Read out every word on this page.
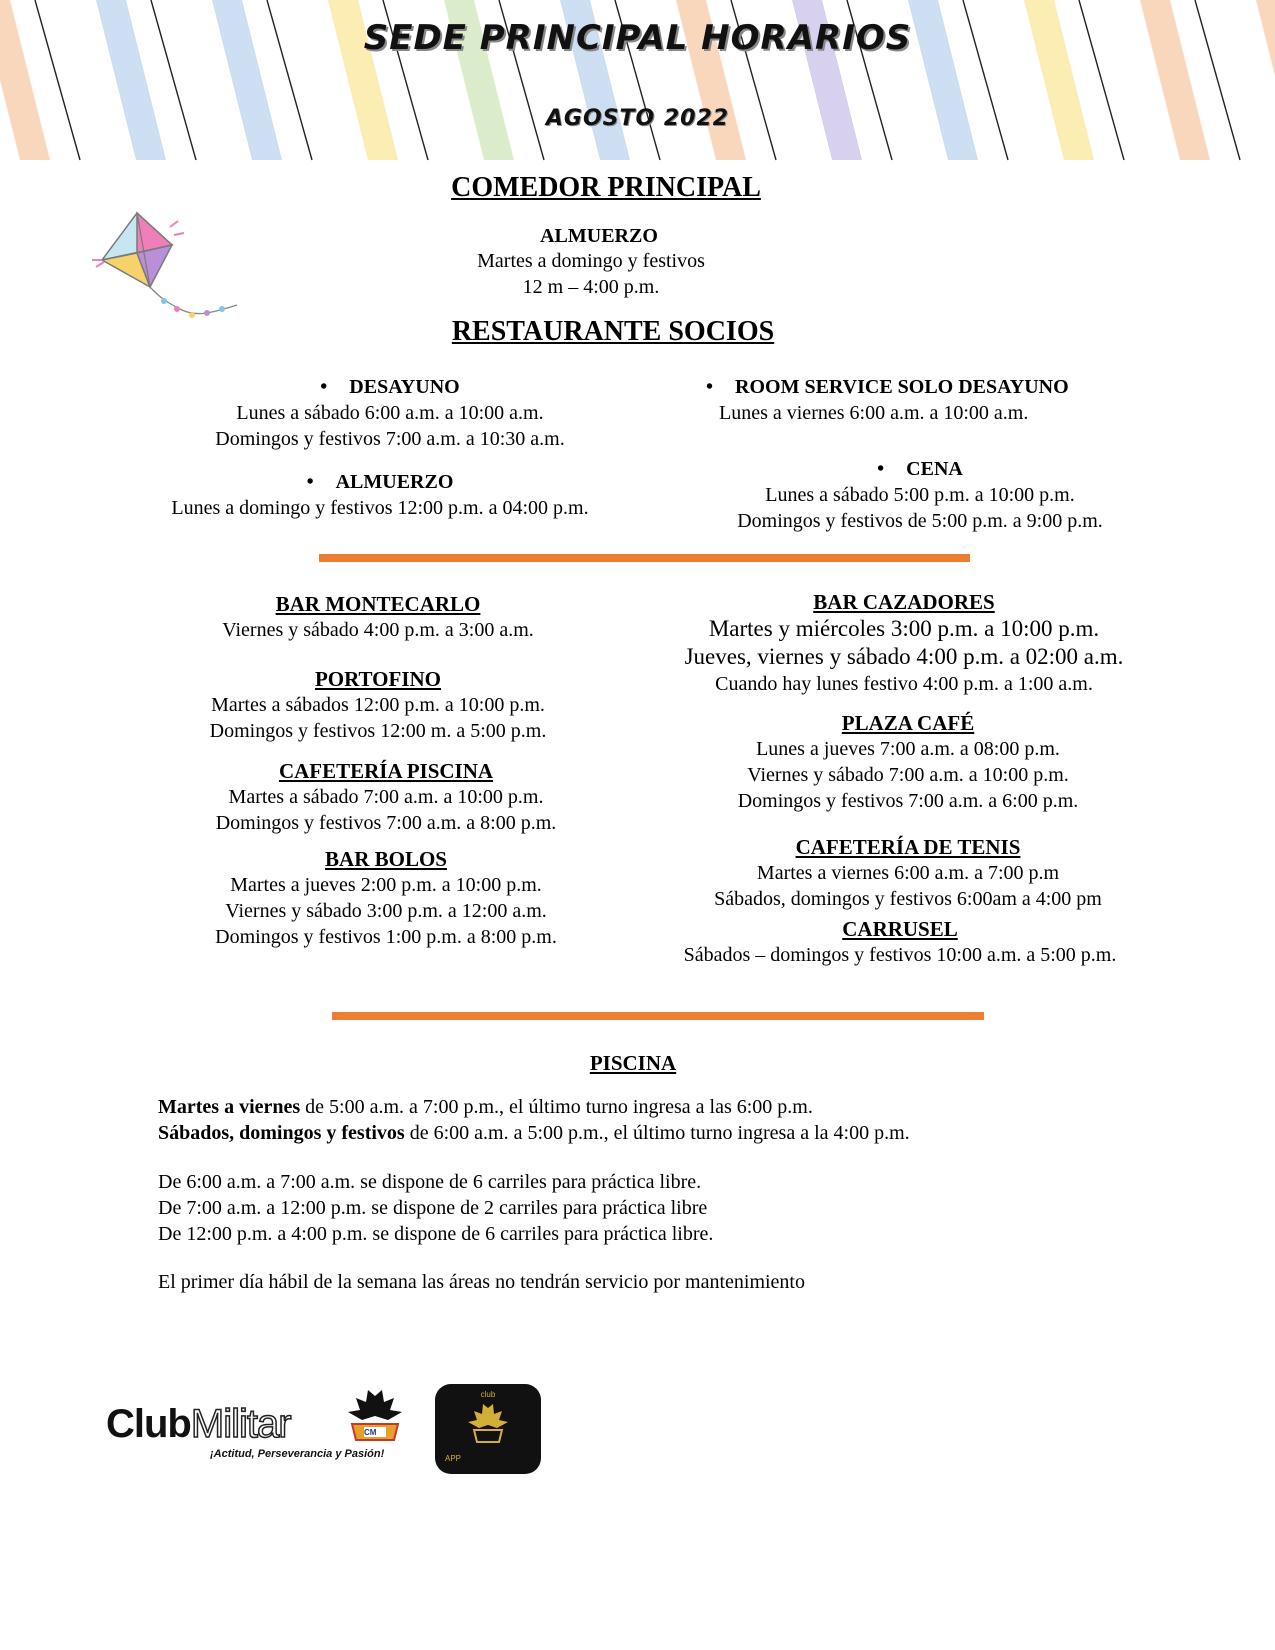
SEDE PRINCIPAL HORARIOS
AGOSTO 2022
COMEDOR PRINCIPAL
ALMUERZO
Martes a domingo y festivos
12 m – 4:00 p.m.
RESTAURANTE SOCIOS
• DESAYUNO
Lunes a sábado 6:00 a.m. a 10:00 a.m.
Domingos y festivos 7:00 a.m. a 10:30 a.m.
• ALMUERZO
Lunes a domingo y festivos 12:00 p.m. a 04:00 p.m.
• ROOM SERVICE SOLO DESAYUNO
Lunes a viernes 6:00 a.m. a 10:00 a.m.
• CENA
Lunes a sábado 5:00 p.m. a 10:00 p.m.
Domingos y festivos de 5:00 p.m. a 9:00 p.m.
BAR MONTECARLO
Viernes y sábado 4:00 p.m. a 3:00 a.m.
PORTOFINO
Martes a sábados 12:00 p.m. a 10:00 p.m.
Domingos y festivos 12:00 m. a 5:00 p.m.
CAFETERÍA PISCINA
Martes a sábado 7:00 a.m. a 10:00 p.m.
Domingos y festivos 7:00 a.m. a 8:00 p.m.
BAR BOLOS
Martes a jueves 2:00 p.m. a 10:00 p.m.
Viernes y sábado 3:00 p.m. a 12:00 a.m.
Domingos y festivos 1:00 p.m. a 8:00 p.m.
BAR CAZADORES
Martes y miércoles 3:00 p.m. a 10:00 p.m.
Jueves, viernes y sábado 4:00 p.m. a 02:00 a.m.
Cuando hay lunes festivo 4:00 p.m. a 1:00 a.m.
PLAZA CAFÉ
Lunes a jueves 7:00 a.m. a 08:00 p.m.
Viernes y sábado 7:00 a.m. a 10:00 p.m.
Domingos y festivos 7:00 a.m. a 6:00 p.m.
CAFETERÍA DE TENIS
Martes a viernes 6:00 a.m. a 7:00 p.m
Sábados, domingos y festivos 6:00am a 4:00 pm
CARRUSEL
Sábados – domingos y festivos 10:00 a.m. a 5:00 p.m.
PISCINA
Martes a viernes de 5:00 a.m. a 7:00 p.m., el último turno ingresa a las 6:00 p.m.
Sábados, domingos y festivos de 6:00 a.m. a 5:00 p.m., el último turno ingresa a la 4:00 p.m.
De 6:00 a.m. a 7:00 a.m. se dispone de 6 carriles para práctica libre.
De 7:00 a.m. a 12:00 p.m. se dispone de 2 carriles para práctica libre
De 12:00 p.m. a 4:00 p.m. se dispone de 6 carriles para práctica libre.
El primer día hábil de la semana las áreas no tendrán servicio por mantenimiento
ClubMilitar	CM
¡Actitud, Perseverancia y Pasión!
club
APP
